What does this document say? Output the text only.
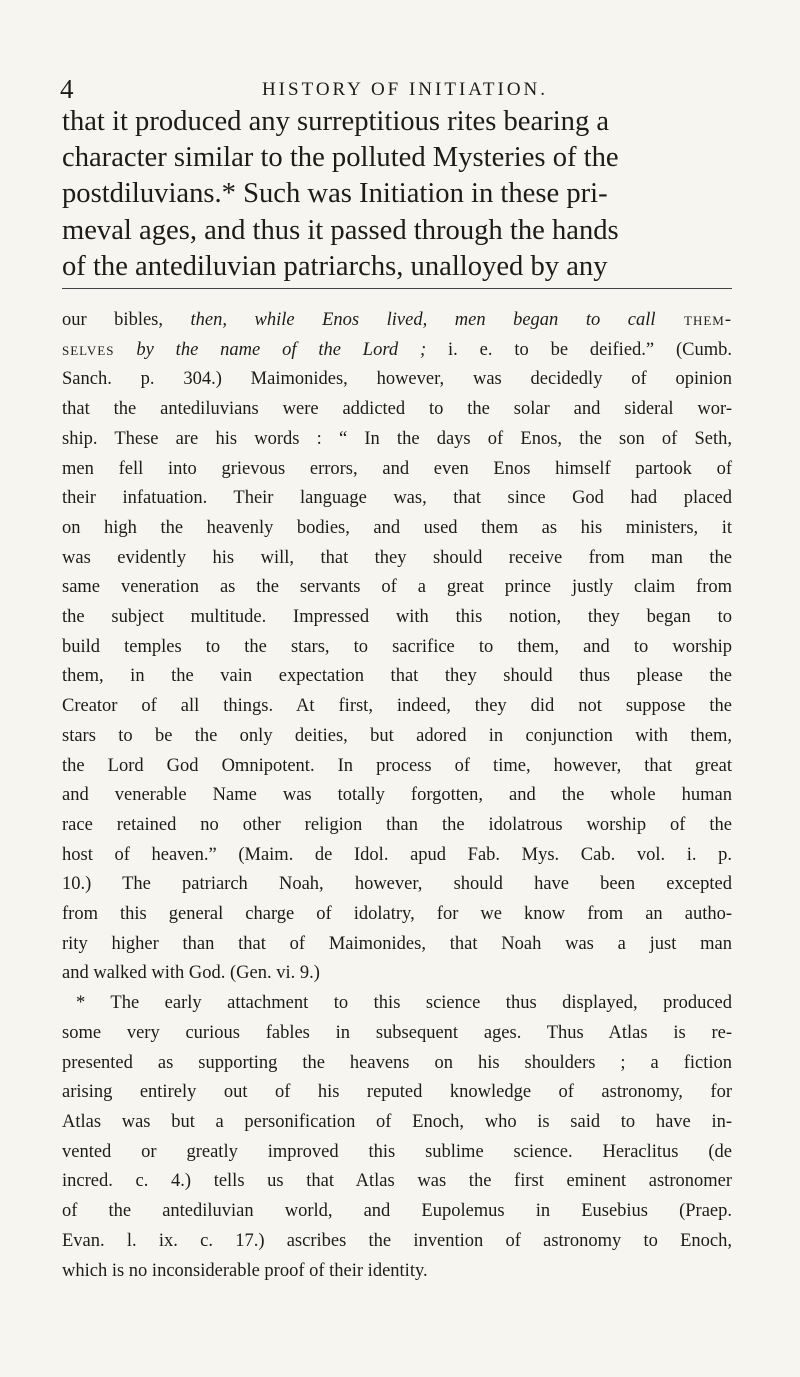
4	HISTORY OF INITIATION.

that it produced any surreptitious rites bearing a
character similar to the polluted Mysteries of the
postdiluvians.* Such was Initiation in these pri-
meval ages, and thus it passed through the hands
of the antediluvian patriarchs, unalloyed by any

our bibles, then, while Enos lived, men began to call them-
selves by the name of the Lord ; i. e. to be deified.” (Cumb.
Sanch. p. 304.) Maimonides, however, was decidedly of opinion
that the antediluvians were addicted to the solar and sideral wor-
ship. These are his words : “ In the days of Enos, the son of Seth,
men fell into grievous errors, and even Enos himself partook of
their infatuation. Their language was, that since God had placed
on high the heavenly bodies, and used them as his ministers, it
was evidently his will, that they should receive from man the
same veneration as the servants of a great prince justly claim from
the subject multitude. Impressed with this notion, they began to
build temples to the stars, to sacrifice to them, and to worship
them, in the vain expectation that they should thus please the
Creator of all things. At first, indeed, they did not suppose the
stars to be the only deities, but adored in conjunction with them,
the Lord God Omnipotent. In process of time, however, that great
and venerable Name was totally forgotten, and the whole human
race retained no other religion than the idolatrous worship of the
host of heaven.” (Maim. de Idol. apud Fab. Mys. Cab. vol. i. p.
10.) The patriarch Noah, however, should have been excepted
from this general charge of idolatry, for we know from an autho-
rity higher than that of Maimonides, that Noah was a just man
and walked with God. (Gen. vi. 9.)

* The early attachment to this science thus displayed, produced
some very curious fables in subsequent ages. Thus Atlas is re-
presented as supporting the heavens on his shoulders ; a fiction
arising entirely out of his reputed knowledge of astronomy, for
Atlas was but a personification of Enoch, who is said to have in-
vented or greatly improved this sublime science. Heraclitus (de
incred. c. 4.) tells us that Atlas was the first eminent astronomer
of the antediluvian world, and Eupolemus in Eusebius (Praep.
Evan. l. ix. c. 17.) ascribes the invention of astronomy to Enoch,
which is no inconsiderable proof of their identity.
